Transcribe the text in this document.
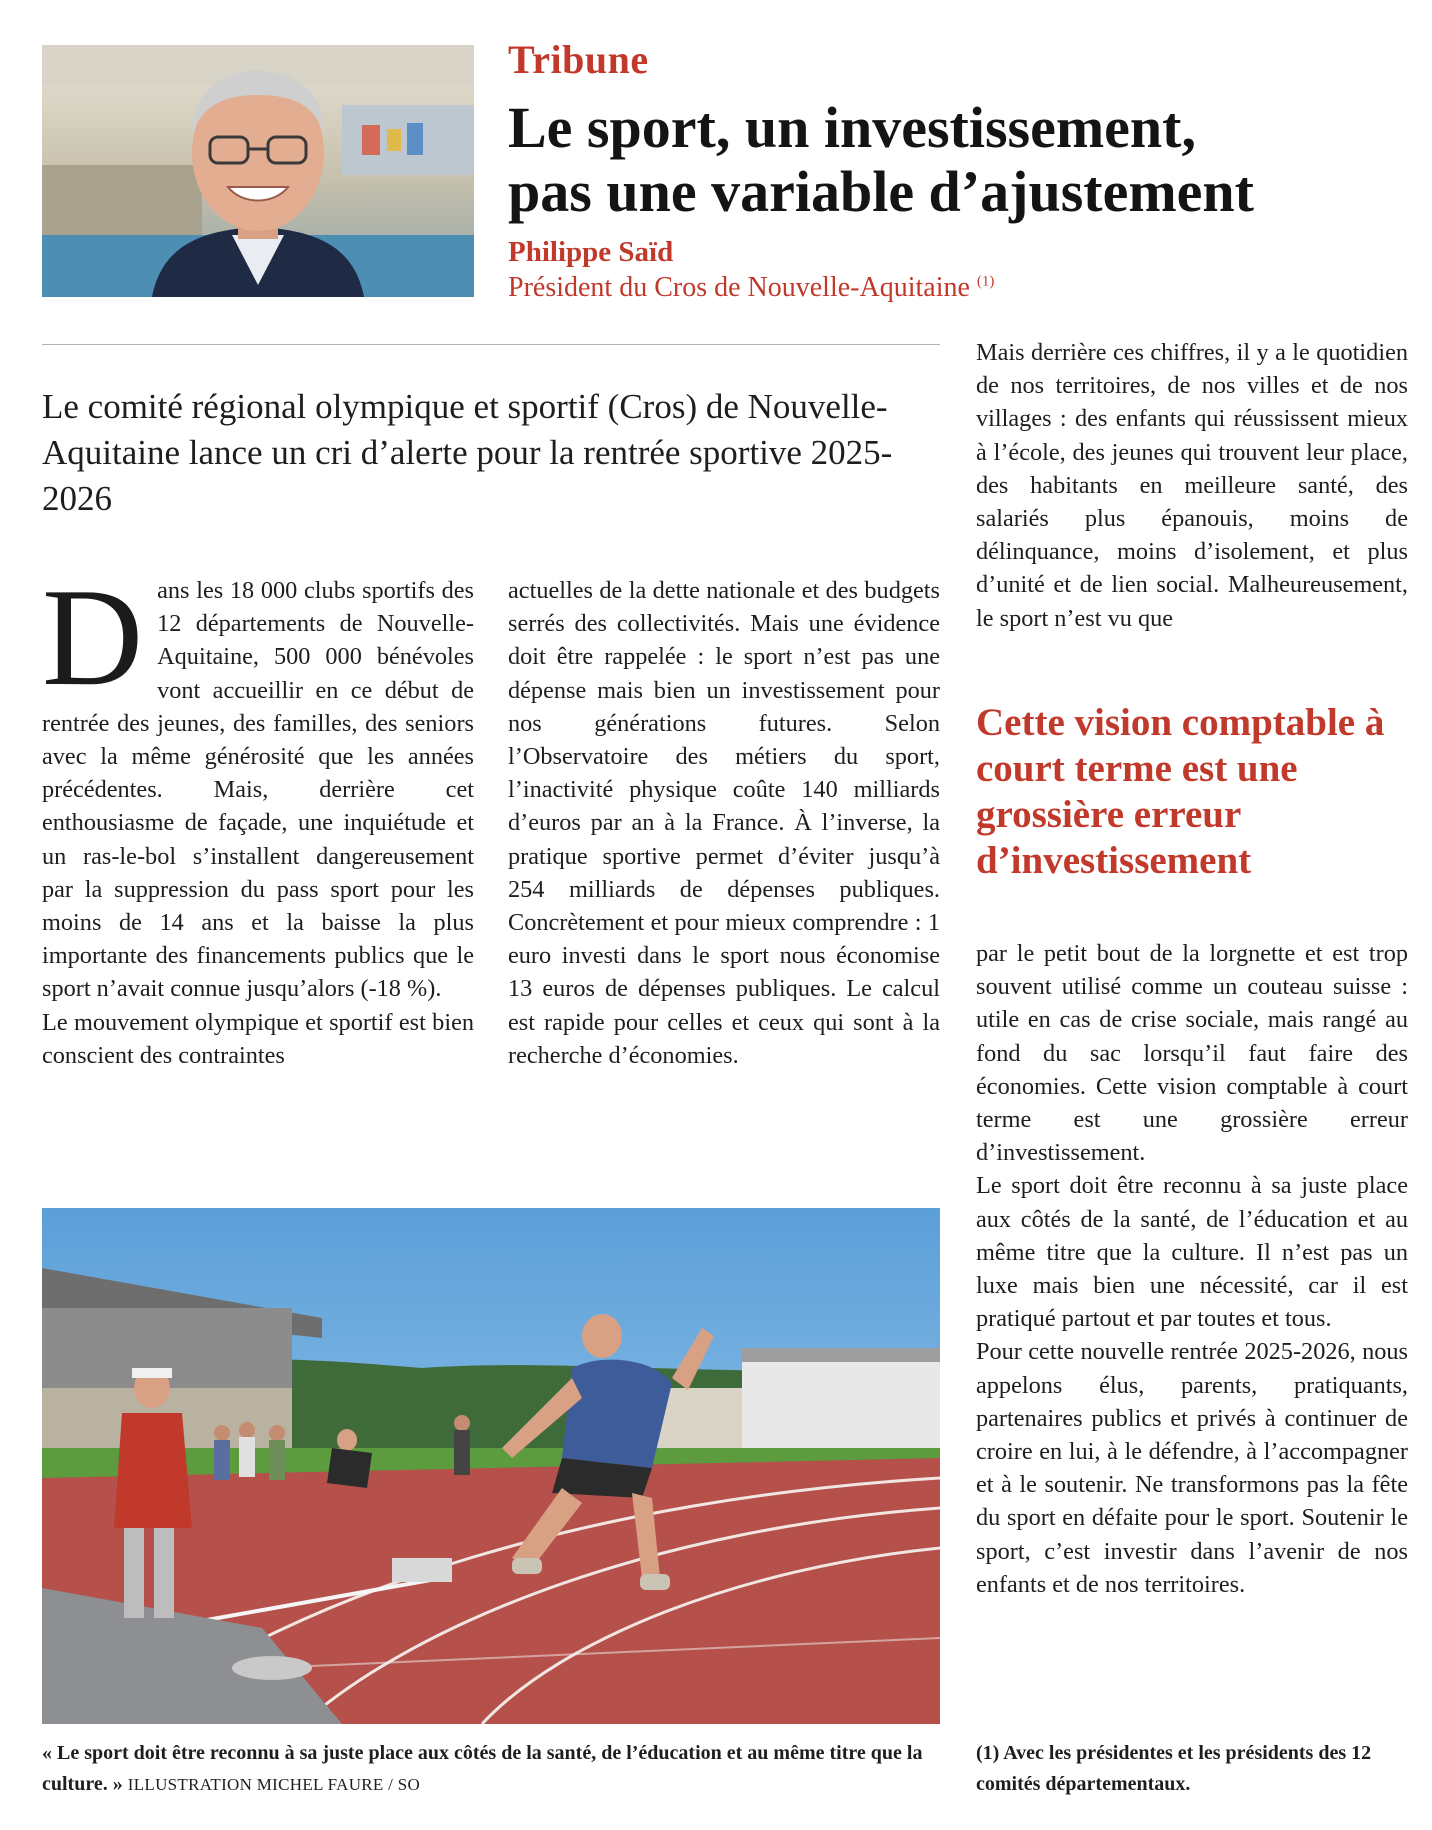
Tribune
Le sport, un investissement,
pas une variable d’ajustement
Philippe Saïd
Président du Cros de Nouvelle-Aquitaine $^{(1)}$
Le comité régional olympique et sportif (Cros) de Nouvelle-Aquitaine lance un cri d’alerte pour la rentrée sportive 2025-2026

Dans les 18 000 clubs sportifs des 12 départements de Nouvelle-Aquitaine, 500 000 bénévoles vont accueillir en ce début de rentrée des jeunes, des familles, des seniors avec la même générosité que les années précédentes. Mais, derrière cet enthousiasme de façade, une inquiétude et un ras-le-bol s’installent dangereusement par la suppression du pass sport pour les moins de 14 ans et la baisse la plus importante des financements publics que le sport n’avait connue jusqu’alors (-18 %).

Le mouvement olympique et sportif est bien conscient des contraintes

actuelles de la dette nationale et des budgets serrés des collectivités. Mais une évidence doit être rappelée : le sport n’est pas une dépense mais bien un investissement pour nos générations futures. Selon l’Observatoire des métiers du sport, l’inactivité physique coûte 140 milliards d’euros par an à la France. À l’inverse, la pratique sportive permet d’éviter jusqu’à 254 milliards de dépenses publiques. Concrètement et pour mieux comprendre : 1 euro investi dans le sport nous économise 13 euros de dépenses publiques. Le calcul est rapide pour celles et ceux qui sont à la recherche d’économies.

Mais derrière ces chiffres, il y a le quotidien de nos territoires, de nos villes et de nos villages : des enfants qui réussissent mieux à l’école, des jeunes qui trouvent leur place, des habitants en meilleure santé, des salariés plus épanouis, moins de délinquance, moins d’isolement, et plus d’unité et de lien social. Malheureusement, le sport n’est vu que

Cette vision comptable à court terme est une grossière erreur d’investissement

par le petit bout de la lorgnette et est trop souvent utilisé comme un couteau suisse : utile en cas de crise sociale, mais rangé au fond du sac lorsqu’il faut faire des économies. Cette vision comptable à court terme est une grossière erreur d’investissement.

Le sport doit être reconnu à sa juste place aux côtés de la santé, de l’éducation et au même titre que la culture. Il n’est pas un luxe mais bien une nécessité, car il est pratiqué partout et par toutes et tous.

Pour cette nouvelle rentrée 2025-2026, nous appelons élus, parents, pratiquants, partenaires publics et privés à continuer de croire en lui, à le défendre, à l’accompagner et à le soutenir. Ne transformons pas la fête du sport en défaite pour le sport. Soutenir le sport, c’est investir dans l’avenir de nos enfants et de nos territoires.

« Le sport doit être reconnu à sa juste place aux côtés de la santé, de l’éducation et au même titre que la culture. » ILLUSTRATION MICHEL FAURE / SO
(1) Avec les présidentes et les présidents des 12 comités départementaux.
